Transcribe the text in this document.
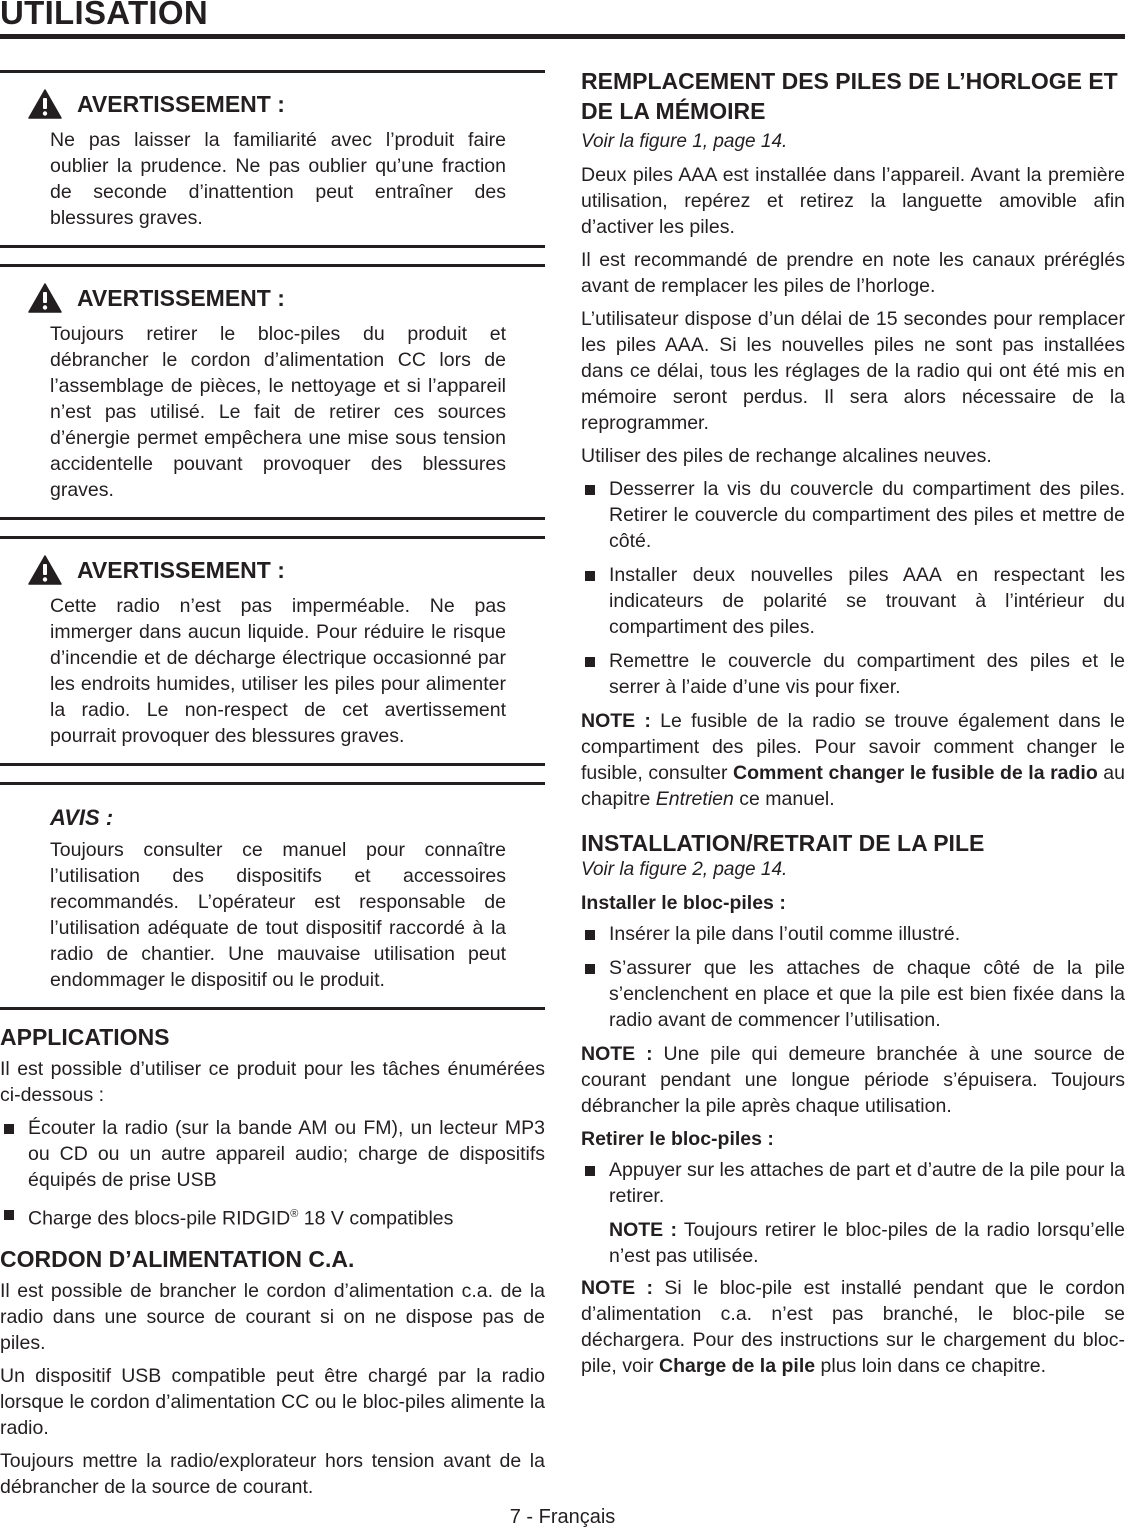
UTILISATION
AVERTISSEMENT :
Ne pas laisser la familiarité avec l’produit faire oublier la prudence. Ne pas oublier qu’une fraction de seconde d’inattention peut entraîner des blessures graves.
AVERTISSEMENT :
Toujours retirer le bloc-piles du produit et débrancher le cordon d’alimentation CC lors de l’assemblage de pièces, le nettoyage et si l’appareil n’est pas utilisé. Le fait de retirer ces sources d’énergie permet empêchera une mise sous tension accidentelle pouvant provoquer des blessures graves.
AVERTISSEMENT :
Cette radio n’est pas imperméable. Ne pas immerger dans aucun liquide. Pour réduire le risque d’incendie et de décharge électrique occasionné par les endroits humides, utiliser les piles pour alimenter la radio. Le non-respect de cet avertissement pourrait provoquer des blessures graves.
AVIS :
Toujours consulter ce manuel pour connaître l’utilisation des dispositifs et accessoires recommandés. L’opérateur est responsable de l’utilisation adéquate de tout dispositif raccordé à la radio de chantier. Une mauvaise utilisation peut endommager le dispositif ou le produit.
APPLICATIONS

Il est possible d’utiliser ce produit pour les tâches énumérées ci-dessous :

Écouter la radio (sur la bande AM ou FM), un lecteur MP3 ou CD ou un autre appareil audio; charge de dispositifs équipés de prise USB
Charge des blocs-pile RIDGID® 18 V compatibles
CORDON D’ALIMENTATION C.A.

Il est possible de brancher le cordon d’alimentation c.a. de la radio dans une source de courant si on ne dispose pas de piles.

Un dispositif USB compatible peut être chargé par la radio lorsque le cordon d’alimentation CC ou le bloc-piles alimente la radio.

Toujours mettre la radio/explorateur hors tension avant de la débrancher de la source de courant.

REMPLACEMENT DES PILES DE L’HORLOGE ET DE LA MÉMOIRE
Voir la figure 1, page 14.

Deux piles AAA est installée dans l’appareil. Avant la première utilisation, repérez et retirez la languette amovible afin d’activer les piles.

Il est recommandé de prendre en note les canaux préréglés avant de remplacer les piles de l’horloge.

L’utilisateur dispose d’un délai de 15 secondes pour remplacer les piles AAA. Si les nouvelles piles ne sont pas installées dans ce délai, tous les réglages de la radio qui ont été mis en mémoire seront perdus. Il sera alors nécessaire de la reprogrammer.

Utiliser des piles de rechange alcalines neuves.

Desserrer la vis du couvercle du compartiment des piles. Retirer le couvercle du compartiment des piles et mettre de côté.
Installer deux nouvelles piles AAA en respectant les indicateurs de polarité se trouvant à l’intérieur du compartiment des piles.
Remettre le couvercle du compartiment des piles et le serrer à l’aide d’une vis pour fixer.

NOTE : Le fusible de la radio se trouve également dans le compartiment des piles. Pour savoir comment changer le fusible, consulter Comment changer le fusible de la radio au chapitre Entretien ce manuel.

INSTALLATION/RETRAIT DE LA PILE
Voir la figure 2, page 14.
Installer le bloc-piles :
Insérer la pile dans l’outil comme illustré.
S’assurer que les attaches de chaque côté de la pile s’enclenchent en place et que la pile est bien fixée dans la radio avant de commencer l’utilisation.

NOTE : Une pile qui demeure branchée à une source de courant pendant une longue période s’épuisera. Toujours débrancher la pile après chaque utilisation.

Retirer le bloc-piles :
Appuyer sur les attaches de part et d’autre de la pile pour la retirer.

NOTE : Toujours retirer le bloc-piles de la radio lorsqu’elle n’est pas utilisée.

NOTE : Si le bloc-pile est installé pendant que le cordon d’alimentation c.a. n’est pas branché, le bloc-pile se déchargera. Pour des instructions sur le chargement du bloc-pile, voir Charge de la pile plus loin dans ce chapitre.

7 - Français
